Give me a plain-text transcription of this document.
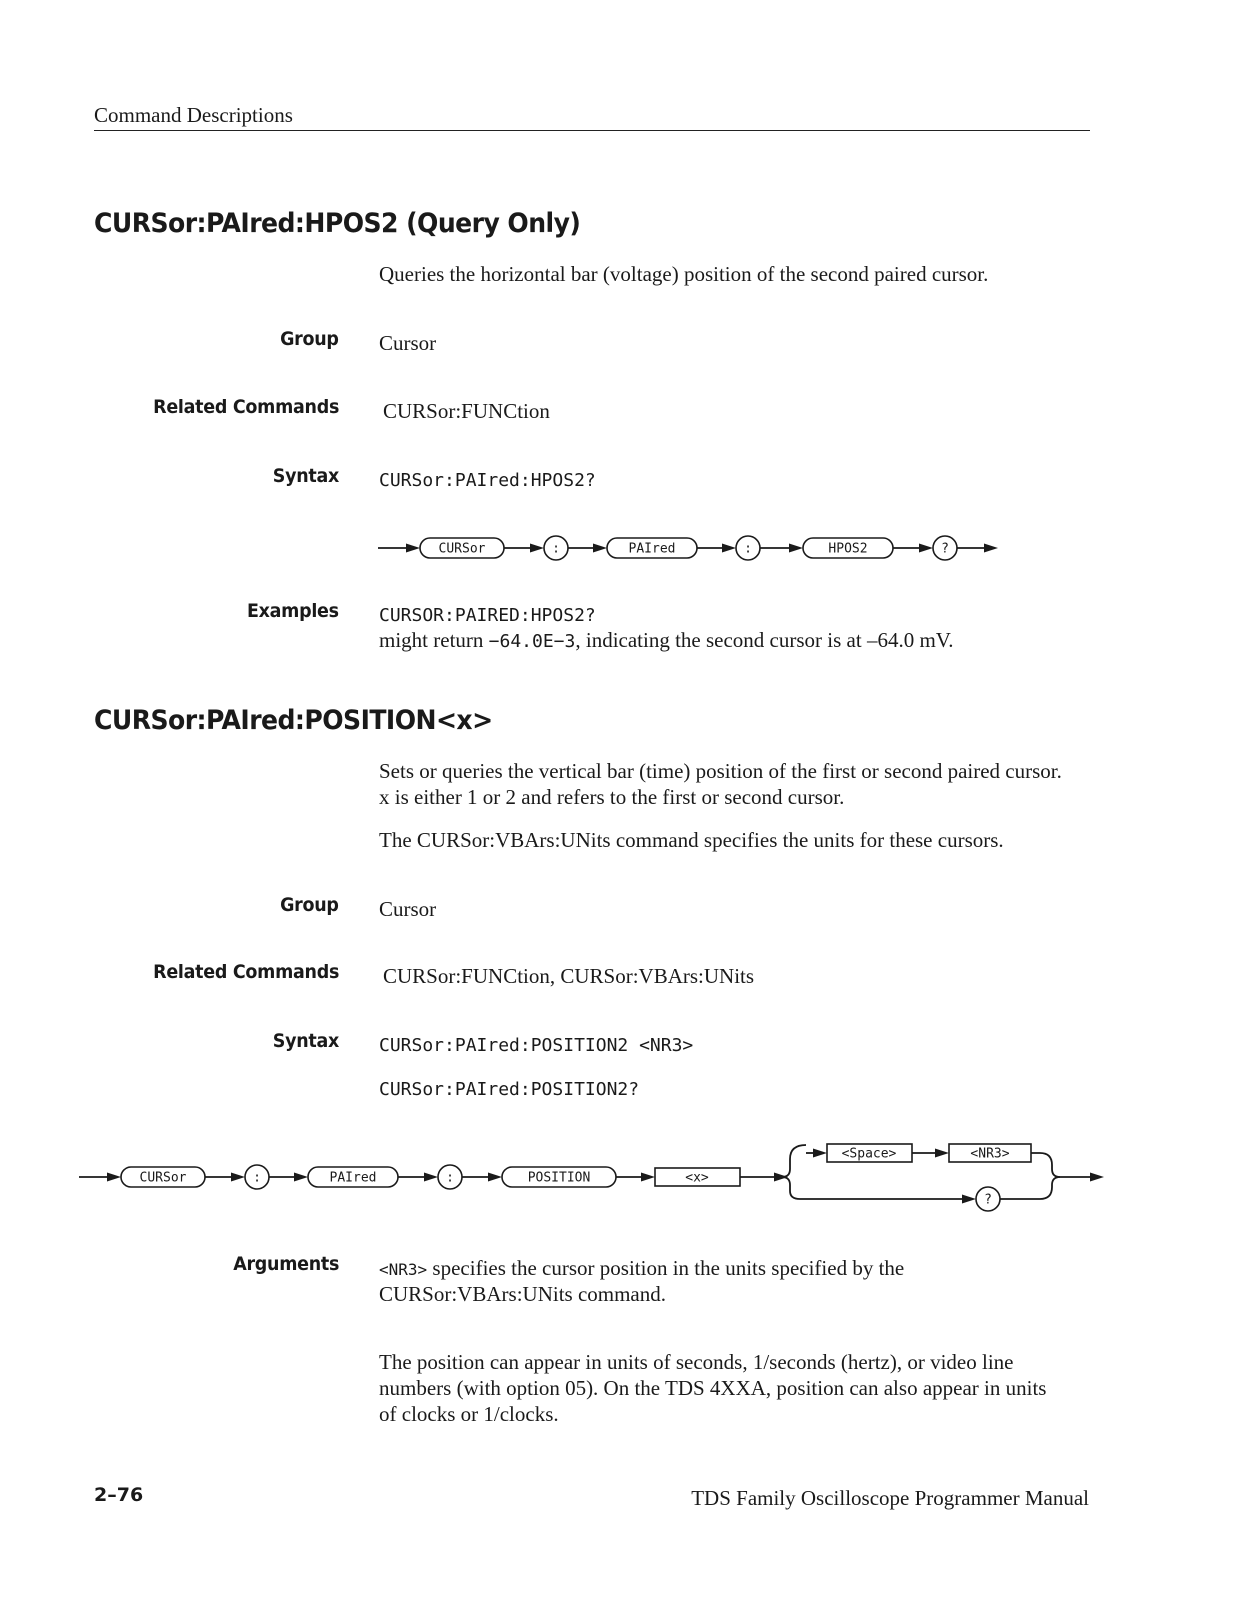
Command Descriptions
CURSor:PAIred:HPOS2 (Query Only)
Queries the horizontal bar (voltage) position of the second paired cursor.
Group Cursor
Related Commands CURSor:FUNCtion
Syntax CURSor:PAIred:HPOS2?
CURSor	:	PAIred	:	HPOS2	?
Examples CURSOR:PAIRED:HPOS2?
might return −64.0E−3, indicating the second cursor is at –64.0 mV.
CURSor:PAIred:POSITION<x>
Sets or queries the vertical bar (time) position of the first or second paired cursor.
x is either 1 or 2 and refers to the first or second cursor.
The CURSor:VBArs:UNits command specifies the units for these cursors.
Group Cursor
Related Commands CURSor:FUNCtion, CURSor:VBArs:UNits
Syntax CURSor:PAIred:POSITION2 <NR3>
CURSor:PAIred:POSITION2?
CURSor	:	PAIred	:	POSITION	<x>
<Space>	<NR3>
?
Arguments	<NR3> specifies the cursor position in the units specified by the
CURSor:VBArs:UNits command.
The position can appear in units of seconds, 1/seconds (hertz), or video line
numbers (with option 05). On the TDS 4XXA, position can also appear in units
of clocks or 1/clocks.
2–76	TDS Family Oscilloscope Programmer Manual
